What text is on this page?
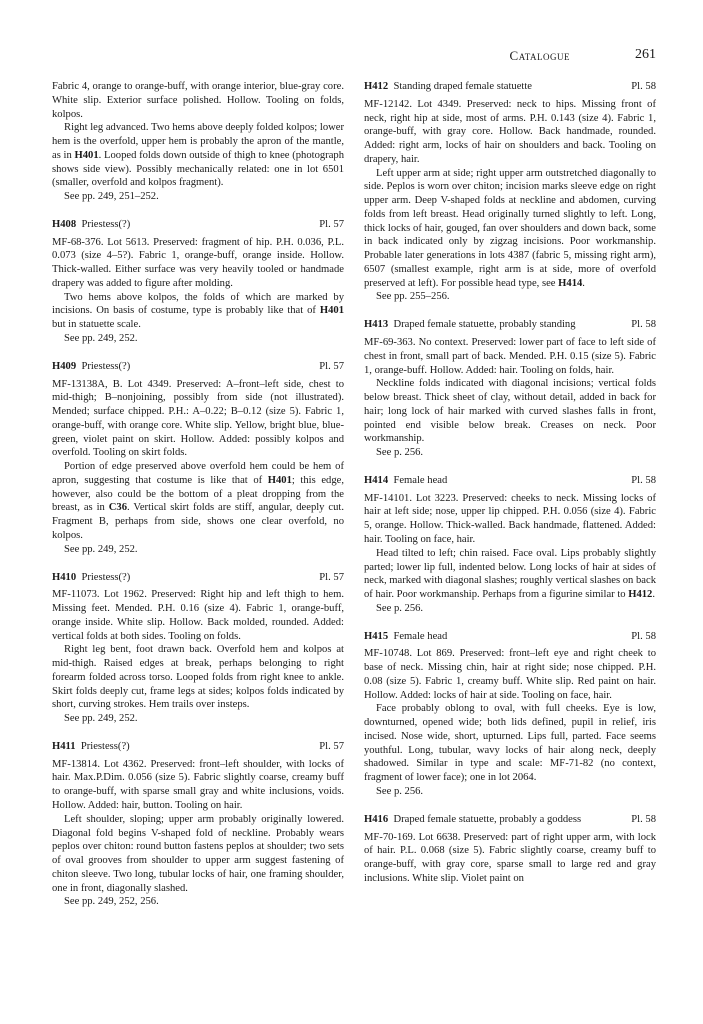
Catalogue	261

Fabric 4, orange to orange-buff, with orange interior, blue-gray core. White slip. Exterior surface polished. Hollow. Tooling on folds, kolpos.

Right leg advanced. Two hems above deeply folded kolpos; lower hem is the overfold, upper hem is probably the apron of the mantle, as in H401. Looped folds down outside of thigh to knee (photograph shows side view). Possibly mechanically related: one in lot 6501 (smaller, overfold and kolpos fragment).

See pp. 249, 251–252.

H408 Priestess(?)	Pl. 57

MF-68-376. Lot 5613. Preserved: fragment of hip. P.H. 0.036, P.L. 0.073 (size 4–5?). Fabric 1, orange-buff, orange inside. Hollow. Thick-walled. Either surface was very heavily tooled or handmade drapery was added to figure after molding.

Two hems above kolpos, the folds of which are marked by incisions. On basis of costume, type is probably like that of H401 but in statuette scale.

See pp. 249, 252.

H409 Priestess(?)	Pl. 57

MF-13138A, B. Lot 4349. Preserved: A–front–left side, chest to mid-thigh; B–nonjoining, possibly from side (not illustrated). Mended; surface chipped. P.H.: A–0.22; B–0.12 (size 5). Fabric 1, orange-buff, with orange core. White slip. Yellow, bright blue, blue-green, violet paint on skirt. Hollow. Added: possibly kolpos and overfold. Tooling on skirt folds.

Portion of edge preserved above overfold hem could be hem of apron, suggesting that costume is like that of H401; this edge, however, also could be the bottom of a pleat dropping from the breast, as in C36. Vertical skirt folds are stiff, angular, deeply cut. Fragment B, perhaps from side, shows one clear overfold, no kolpos.

See pp. 249, 252.

H410 Priestess(?)	Pl. 57

MF-11073. Lot 1962. Preserved: Right hip and left thigh to hem. Missing feet. Mended. P.H. 0.16 (size 4). Fabric 1, orange-buff, orange inside. White slip. Hollow. Back molded, rounded. Added: vertical folds at both sides. Tooling on folds.

Right leg bent, foot drawn back. Overfold hem and kolpos at mid-thigh. Raised edges at break, perhaps belonging to right forearm folded across torso. Looped folds from right knee to ankle. Skirt folds deeply cut, frame legs at sides; kolpos folds indicated by short, curving strokes. Hem trails over insteps.

See pp. 249, 252.

H411 Priestess(?)	Pl. 57

MF-13814. Lot 4362. Preserved: front–left shoulder, with locks of hair. Max.P.Dim. 0.056 (size 5). Fabric slightly coarse, creamy buff to orange-buff, with sparse small gray and white inclusions, voids. Hollow. Added: hair, button. Tooling on hair.

Left shoulder, sloping; upper arm probably originally lowered. Diagonal fold begins V-shaped fold of neckline. Probably wears peplos over chiton: round button fastens peplos at shoulder; two sets of oval grooves from shoulder to upper arm suggest fastening of chiton sleeve. Two long, tubular locks of hair, one framing shoulder, one in front, diagonally slashed.

See pp. 249, 252, 256.

H412 Standing draped female statuette	Pl. 58

MF-12142. Lot 4349. Preserved: neck to hips. Missing front of neck, right hip at side, most of arms. P.H. 0.143 (size 4). Fabric 1, orange-buff, with gray core. Hollow. Back handmade, rounded. Added: right arm, locks of hair on shoulders and back. Tooling on drapery, hair.

Left upper arm at side; right upper arm outstretched diagonally to side. Peplos is worn over chiton; incision marks sleeve edge on right upper arm. Deep V-shaped folds at neckline and abdomen, curving folds from left breast. Head originally turned slightly to left. Long, thick locks of hair, gouged, fan over shoulders and down back, some in back indicated only by zigzag incisions. Poor workmanship. Probable later generations in lots 4387 (fabric 5, missing right arm), 6507 (smallest example, right arm is at side, more of overfold preserved at left). For possible head type, see H414.

See pp. 255–256.

H413 Draped female statuette, probably standing	Pl. 58

MF-69-363. No context. Preserved: lower part of face to left side of chest in front, small part of back. Mended. P.H. 0.15 (size 5). Fabric 1, orange-buff. Hollow. Added: hair. Tooling on folds, hair.

Neckline folds indicated with diagonal incisions; vertical folds below breast. Thick sheet of clay, without detail, added in back for hair; long lock of hair marked with curved slashes falls in front, pointed end visible below break. Creases on neck. Poor workmanship.

See p. 256.

H414 Female head	Pl. 58

MF-14101. Lot 3223. Preserved: cheeks to neck. Missing locks of hair at left side; nose, upper lip chipped. P.H. 0.056 (size 4). Fabric 5, orange. Hollow. Thick-walled. Back handmade, flattened. Added: hair. Tooling on face, hair.

Head tilted to left; chin raised. Face oval. Lips probably slightly parted; lower lip full, indented below. Long locks of hair at sides of neck, marked with diagonal slashes; roughly vertical slashes on back of hair. Poor workmanship. Perhaps from a figurine similar to H412.

See p. 256.

H415 Female head	Pl. 58

MF-10748. Lot 869. Preserved: front–left eye and right cheek to base of neck. Missing chin, hair at right side; nose chipped. P.H. 0.08 (size 5). Fabric 1, creamy buff. White slip. Red paint on hair. Hollow. Added: locks of hair at side. Tooling on face, hair.

Face probably oblong to oval, with full cheeks. Eye is low, downturned, opened wide; both lids defined, pupil in relief, iris incised. Nose wide, short, upturned. Lips full, parted. Face seems youthful. Long, tubular, wavy locks of hair along neck, deeply shadowed. Similar in type and scale: MF-71-82 (no context, fragment of lower face); one in lot 2064.

See p. 256.

H416 Draped female statuette, probably a goddess	Pl. 58

MF-70-169. Lot 6638. Preserved: part of right upper arm, with lock of hair. P.L. 0.068 (size 5). Fabric slightly coarse, creamy buff to orange-buff, with gray core, sparse small to large red and gray inclusions. White slip. Violet paint on
